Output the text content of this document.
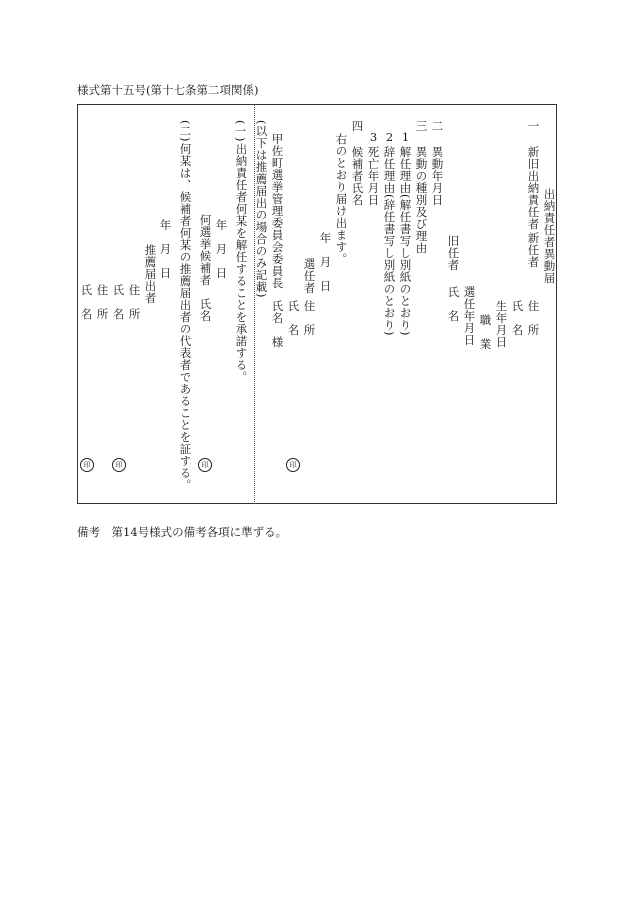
様式第十五号(第十七条第二項関係)
出納責任者異動届
一
新旧出納責任者
新任者
住　所
氏　名
生年月日
職　業
旧任者
選任年月日
氏　名
二
異動年月日
三
異動の種別及び理由
1
解任理由(解任書写し別紙のとおり)
2
辞任理由(辞任書写し別紙のとおり)
3
死亡年月日
四
候補者氏名
右のとおり届け出ます。
年　月　日
選任者
住　所
氏　名
印
甲佐町選挙管理委員会委員長
氏名　様
(以下は推薦届出の場合のみ記載)
(一)
出納責任者何某を解任することを承諾する。
年　月　日
何選挙候補者　氏名
印
(二)
何某は、候補者何某の推薦届出者の代表者であることを証する。
年　月　日
推薦届出者
住　所
氏　名
印
住　所
氏　名
印
備考　第14号様式の備考各項に準ずる。
